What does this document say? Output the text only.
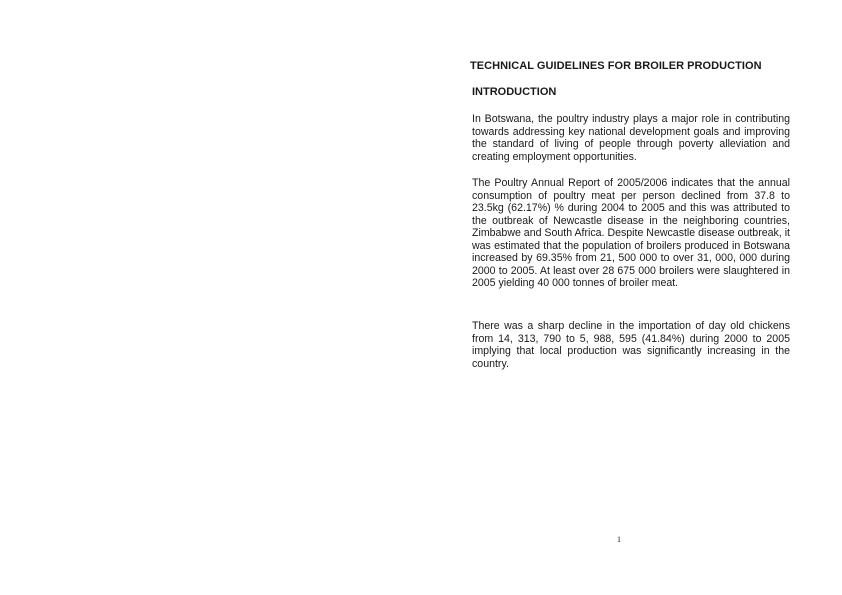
TECHNICAL GUIDELINES FOR BROILER PRODUCTION
INTRODUCTION

In Botswana, the poultry industry plays a major role in contributing towards addressing key national development goals and improving the standard of living of people through poverty alleviation and creating employment opportunities.

The Poultry Annual Report of 2005/2006 indicates that the annual consumption of poultry meat per person declined from 37.8 to 23.5kg (62.17%) % during 2004 to 2005 and this was attributed to the outbreak of Newcastle disease in the neighboring countries, Zimbabwe and South Africa. Despite Newcastle disease outbreak, it was estimated that the population of broilers produced in Botswana increased by 69.35% from 21, 500 000 to over 31, 000, 000 during 2000 to 2005. At least over 28 675 000 broilers were slaughtered in 2005 yielding 40 000 tonnes of broiler meat.

There was a sharp decline in the importation of day old chickens from 14, 313, 790 to 5, 988, 595 (41.84%) during 2000 to 2005 implying that local production was significantly increasing in the country.

1
